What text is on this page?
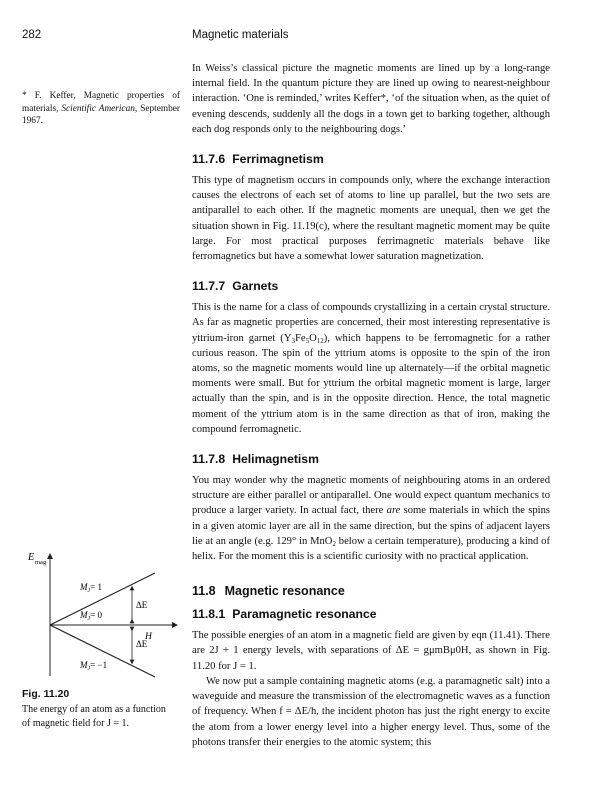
282	Magnetic materials
* F. Keffer, Magnetic properties of materials, Scientific American, September 1967.

In Weiss’s classical picture the magnetic moments are lined up by a long-range internal field. In the quantum picture they are lined up owing to nearest-neighbour interaction. ‘One is reminded,’ writes Keffer*, ‘of the situation when, as the quiet of evening descends, suddenly all the dogs in a town get to barking together, although each dog responds only to the neighbouring dogs.’

11.7.6 Ferrimagnetism

This type of magnetism occurs in compounds only, where the exchange interaction causes the electrons of each set of atoms to line up parallel, but the two sets are antiparallel to each other. If the magnetic moments are unequal, then we get the situation shown in Fig. 11.19(c), where the resultant magnetic moment may be quite large. For most practical purposes ferrimagnetic materials behave like ferromagnetics but have a somewhat lower saturation magnetization.

11.7.7 Garnets

This is the name for a class of compounds crystallizing in a certain crystal structure. As far as magnetic properties are concerned, their most interesting representative is yttrium-iron garnet $(Y_3Fe_5O_{12})$, which happens to be ferromagnetic for a rather curious reason. The spin of the yttrium atoms is opposite to the spin of the iron atoms, so the magnetic moments would line up alternately—if the orbital magnetic moments were small. But for yttrium the orbital magnetic moment is large, larger actually than the spin, and is in the opposite direction. Hence, the total magnetic moment of the yttrium atom is in the same direction as that of iron, making the compound ferromagnetic.

11.7.8 Helimagnetism

You may wonder why the magnetic moments of neighbouring atoms in an ordered structure are either parallel or antiparallel. One would expect quantum mechanics to produce a larger variety. In actual fact, there are some materials in which the spins in a given atomic layer are all in the same direction, but the spins of adjacent layers lie at an angle (e.g. 129° in MnO$_2$ below a certain temperature), producing a kind of helix. For the moment this is a scientific curiosity with no practical application.

11.8 Magnetic resonance
11.8.1 Paramagnetic resonance

The possible energies of an atom in a magnetic field are given by eqn (11.41). There are 2J + 1 energy levels, with separations of ΔE = gμmBμ0H, as shown in Fig. 11.20 for J = 1.

We now put a sample containing magnetic atoms (e.g. a paramagnetic salt) into a waveguide and measure the transmission of the electromagnetic waves as a function of frequency. When f = ΔE/h, the incident photon has just the right energy to excite the atom from a lower energy level into a higher energy level. Thus, some of the photons transfer their energies to the atomic system; this

E mag
H
$M_J= 1$
$M_J= 0$
$M_J= -1$
ΔE
ΔE
Fig. 11.20
The energy of an atom as a function of magnetic field for J = 1.
